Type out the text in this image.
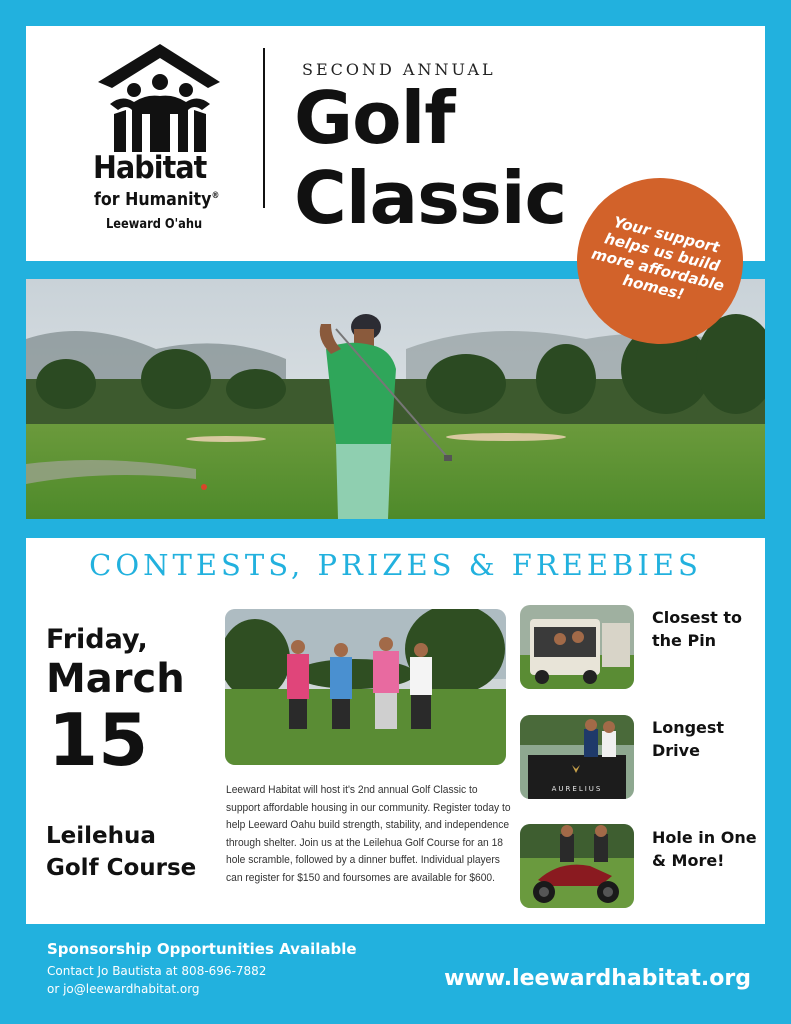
Habitat
for Humanity®
Leeward O'ahu
SECOND ANNUAL
Golf
Classic	Your support helps us build more affordable homes!
CONTESTS, PRIZES & FREEBIES
Friday,
March
15
Leilehua
Golf Course
Leeward Habitat will host it's 2nd annual Golf Classic to support affordable housing in our community. Register today to help Leeward Oahu build strength, stability, and independence through shelter. Join us at the Leilehua Golf Course for an 18 hole scramble, followed by a dinner buffet. Individual players can register for $150 and foursomes are available for $600.
AURELIUS
Closest to the Pin
Longest Drive
Hole in One & More!
Sponsorship Opportunities Available
Contact Jo Bautista at 808-696-7882
or jo@leewardhabitat.org	www.leewardhabitat.org
